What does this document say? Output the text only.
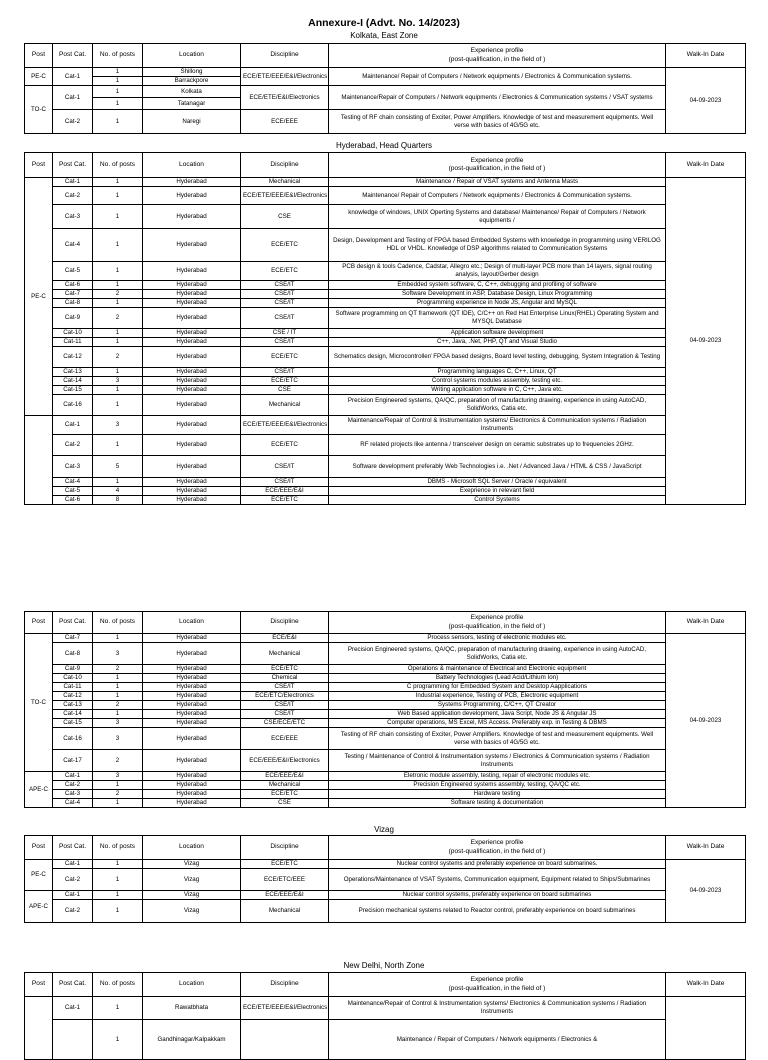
Annexure-I (Advt. No. 14/2023)
Kolkata, East Zone
Post	Post Cat.	No. of posts	Location	Discipline	Experience profile
(post-qualification, in the field of )	Walk-In Date
PE-C	Cat-1	1	Shillong	ECE/ETE/EEE/E&I/Electronics	Maintenance/ Repair of Computers / Network equipments / Electronics & Communication systems.	04-09-2023
		1	Barrackpore			
TO-C	Cat-1	1	Kolkata	ECE/ETE/E&I/Electronics	Maintenance/Repair of Computers / Network equipments / Electronics & Communication systems / VSAT systems	
		1	Tatanagar			
	Cat-2	1	Naregi	ECE/EEE	Testing of RF chain consisting of Exciter, Power Amplifiers. Knowledge of test and measurement equipments. Well verse with basics of 4G/5G etc.	
Hyderabad, Head Quarters
Post	Post Cat.	No. of posts	Location	Discipline	Experience profile
(post-qualification, in the field of )	Walk-In Date
PE-C	Cat-1	1	Hyderabad	Mechanical	Maintenance / Repair of VSAT systems and Antenna Masts	04-09-2023
	Cat-2	1	Hyderabad	ECE/ETE/EEE/E&I/Electronics	Maintenance/ Repair of Computers / Network equipments / Electronics & Communication systems.	
	Cat-3	1	Hyderabad	CSE	knowledge of windows, UNIX Operting Systems and database/ Maintenance/ Repair of Computers / Network equipments /	
	Cat-4	1	Hyderabad	ECE/ETC	Design, Development and Testing of FPGA based Embedded Systems with knowledge in programming using VERILOG HDL or VHDL. Knowledge of DSP algorithms related to Communication Systems	
	Cat-5	1	Hyderabad	ECE/ETC	PCB design & tools Cadence, Cadstar, Allegro etc.; Design of multi-layer PCB more than 14 layers, signal routing analysis, layout/Gerber design	
	Cat-6	1	Hyderabad	CSE/IT	Embedded system software, C, C++, debugging and profiling of software	
	Cat-7	2	Hyderabad	CSE/IT	Software Development in ASP, Database Design, Linux Programming	
	Cat-8	1	Hyderabad	CSE/IT	Programming experience in Node JS, Angular and MySQL	
	Cat-9	2	Hyderabad	CSE/IT	Software programming on QT framework (QT IDE), C/C++ on Red Hat Enterprise Linux(RHEL) Operating System and MYSQL Database	
	Cat-10	1	Hyderabad	CSE / IT	Application software development	
	Cat-11	1	Hyderabad	CSE/IT	C++, Java, .Net, PHP, QT and Visual Studio	
	Cat-12	2	Hyderabad	ECE/ETC	Schematics design, Microcontroller/ FPGA based designs, Board level testing, debugging, System Integration & Testing	
	Cat-13	1	Hyderabad	CSE/IT	Programming languages C, C++, Linux, QT	
	Cat-14	3	Hyderabad	ECE/ETC	Control systems modules assembly, testing etc.	
	Cat-15	1	Hyderabad	CSE	Writing application software in C, C++, Java etc.	
	Cat-16	1	Hyderabad	Mechanical	Precision Engineered systems, QA/QC, preparation of manufacturing drawing, experience in using AutoCAD, SolidWorks, Catia etc.	
	Cat-1	3	Hyderabad	ECE/ETE/EEE/E&I/Electronics	Maintenance/Repair of Control & Instrumentation systems/ Electronics & Communication systems / Radiation Instruments	
	Cat-2	1	Hyderabad	ECE/ETC	RF related projects like antenna / transceiver design on ceramic substrates up to frequencies 2GHz.	
	Cat-3	5	Hyderabad	CSE/IT	Software development preferably Web Technologies i.e. .Net / Advanced Java / HTML & CSS / JavaScript	
	Cat-4	1	Hyderabad	CSE/IT	DBMS - Microsoft SQL Server / Oracle / equivalent	
	Cat-5	4	Hyderabad	ECE/EEE/E&I	Exeprience in relevant field	
	Cat-6	8	Hyderabad	ECE/ETC	Control Systems	
Post	Post Cat.	No. of posts	Location	Discipline	Experience profile
(post-qualification, in the field of )	Walk-In Date
TO-C	Cat-7	1	Hyderabad	ECE/E&I	Process sensors, testing of electronic modules etc.	04-09-2023
	Cat-8	3	Hyderabad	Mechanical	Precision Engineered systems, QA/QC, preparation of manufacturing drawing, experience in using AutoCAD, SolidWorks, Catia etc.	
	Cat-9	2	Hyderabad	ECE/ETC	Operations & maintenance of Electrical and Electronic equipment	
	Cat-10	1	Hyderabad	Chemical	Battery Technologies (Lead Acid/Lithium Ion)	
	Cat-11	1	Hyderabad	CSE/IT	C programming for Embedded System and Desktop Aapplications	
	Cat-12	1	Hyderabad	ECE/ETC/Electronics	Industrial experience, Testing of PCB, Electronic equipment	
	Cat-13	2	Hyderabad	CSE/IT	Systems Programming, C/C++, QT Creator	
	Cat-14	1	Hyderabad	CSE/IT	Web Based application development, Java Script, Node JS & Angular JS	
	Cat-15	3	Hyderabad	CSE/ECE/ETC	Computer operations, MS Excel, MS Access. Preferably exp. in Testing & DBMS	
	Cat-16	3	Hyderabad	ECE/EEE	Testing of RF chain consisting of Exciter, Power Amplifiers. Knowledge of test and measurement equipments. Well verse with basics of 4G/5G etc.	
	Cat-17	2	Hyderabad	ECE/EEE/E&I/Electronics	Testing / Maintenance of Control & Instrumentation systems / Electronics & Communication systems / Radiation Instruments	
APE-C	Cat-1	3	Hyderabad	ECE/EEE/E&I	Eletronic module assembly, testing, repair of electronic modules etc.	
	Cat-2	1	Hyderabad	Mechanical	Precision Engineered systems assembly, testing, QA/QC etc.	
	Cat-3	2	Hyderabad	ECE/ETC	Hardware testing	
	Cat-4	1	Hyderabad	CSE	Software testing & documentation	
Vizag
Post	Post Cat.	No. of posts	Location	Discipline	Experience profile
(post-qualification, in the field of )	Walk-In Date
PE-C	Cat-1	1	Vizag	ECE/ETC	Nuclear control systems and preferably experience on board submarines.	04-09-2023
	Cat-2	1	Vizag	ECE/ETC/EEE	Operations/Maintenance of VSAT Systems, Communication equipment, Equipment related to Ships/Submarines	
APE-C	Cat-1	1	Vizag	ECE/EEE/E&I	Nuclear control systems, preferably experience on board submarines	
	Cat-2	1	Vizag	Mechanical	Precision mechanical systems related to Reactor control, preferably experience on board submarines	
New Delhi, North Zone
Post	Post Cat.	No. of posts	Location	Discipline	Experience profile
(post-qualification, in the field of )	Walk-In Date
	Cat-1	1	Rawatbhata	ECE/ETE/EEE/E&I/Electronics	Maintenance/Repair of Control & Instrumentation systems/ Electronics & Communication systems / Radiation Instruments	
		1	Gandhinagar/Kalpakkam		Maintenance / Repair of Computers / Network equipments / Electronics &	
